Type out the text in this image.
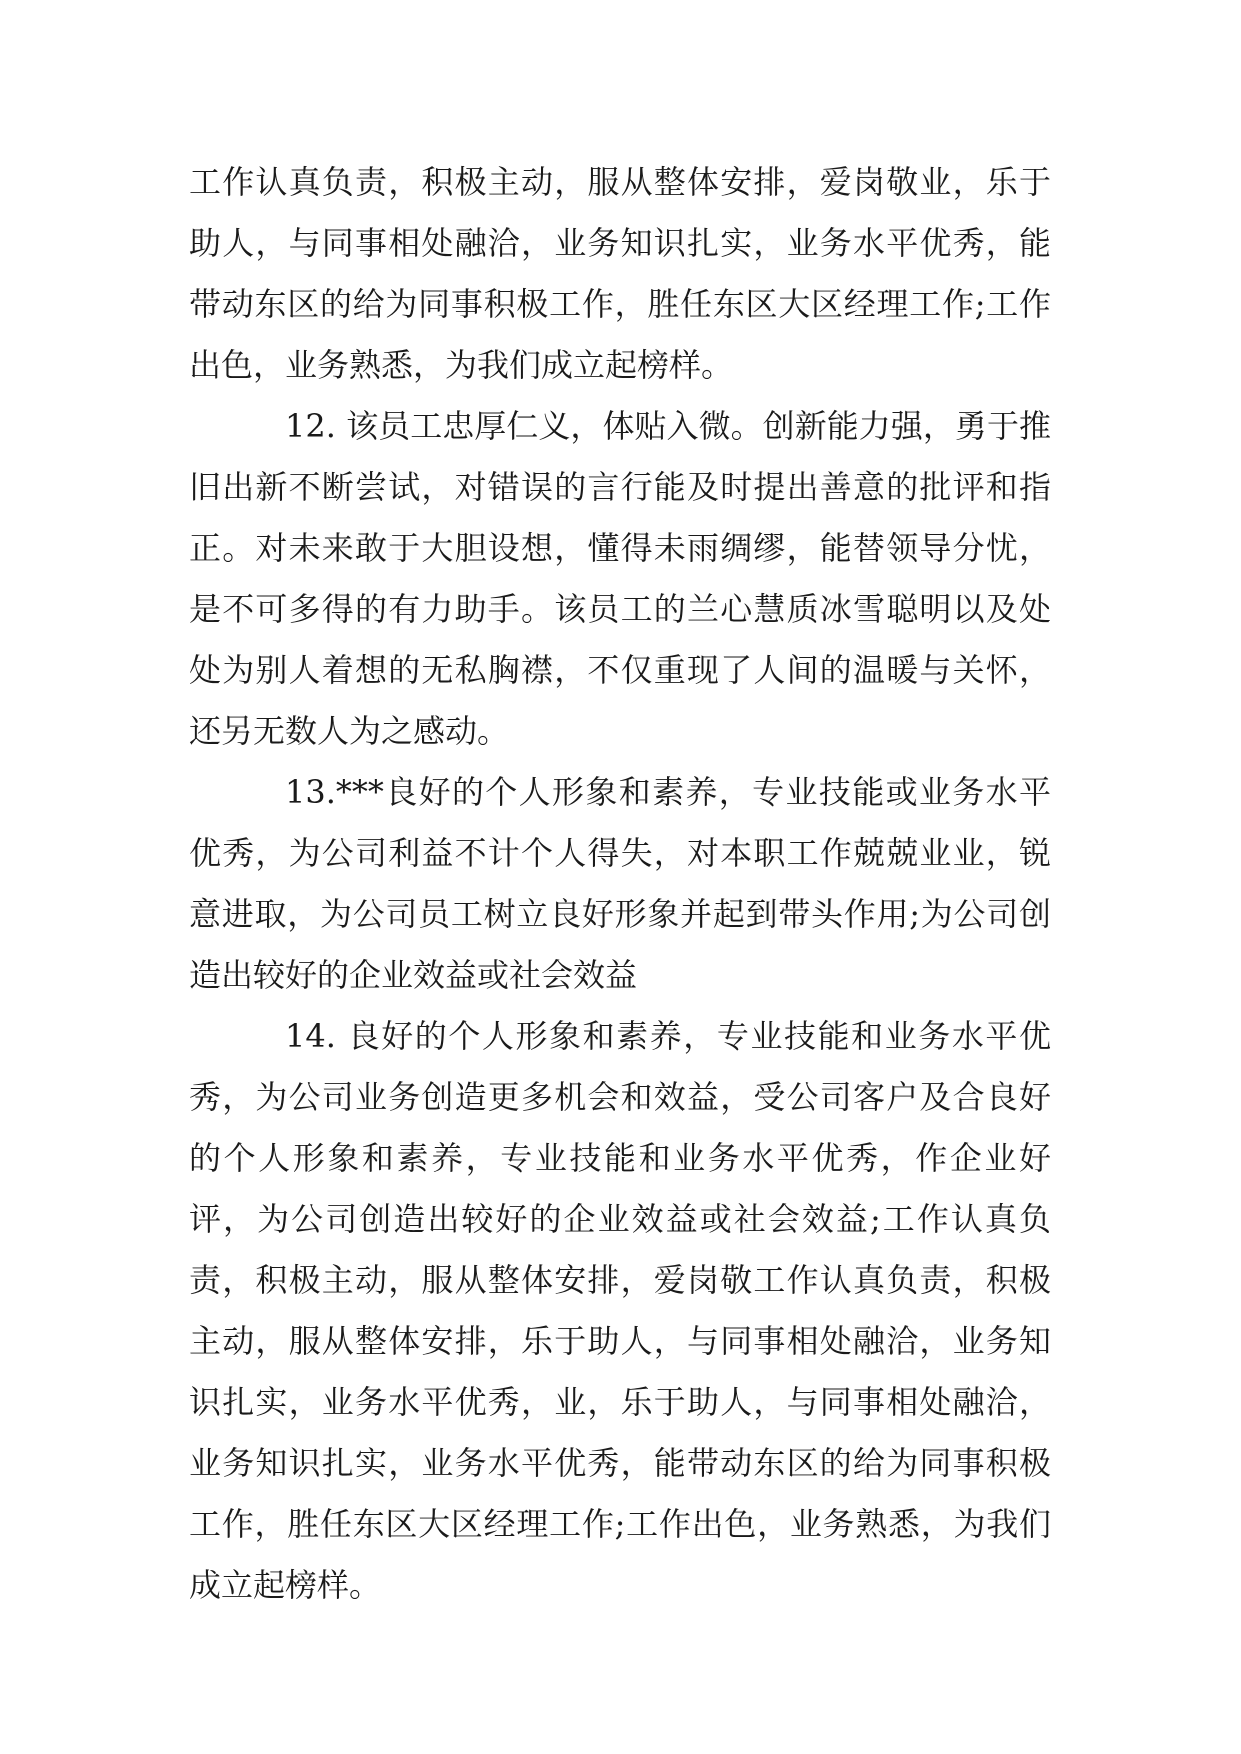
工作认真负责，积极主动，服从整体安排，爱岗敬业，乐于助人，与同事相处融洽，业务知识扎实，业务水平优秀，能带动东区的给为同事积极工作，胜任东区大区经理工作;工作出色，业务熟悉，为我们成立起榜样。

12. 该员工忠厚仁义，体贴入微。创新能力强，勇于推旧出新不断尝试，对错误的言行能及时提出善意的批评和指正。对未来敢于大胆设想，懂得未雨绸缪，能替领导分忧，是不可多得的有力助手。该员工的兰心慧质冰雪聪明以及处处为别人着想的无私胸襟，不仅重现了人间的温暖与关怀，还另无数人为之感动。

13.***良好的个人形象和素养，专业技能或业务水平优秀，为公司利益不计个人得失，对本职工作兢兢业业，锐意进取，为公司员工树立良好形象并起到带头作用;为公司创造出较好的企业效益或社会效益

14. 良好的个人形象和素养，专业技能和业务水平优秀，为公司业务创造更多机会和效益，受公司客户及合良好的个人形象和素养，专业技能和业务水平优秀，作企业好评，为公司创造出较好的企业效益或社会效益;工作认真负责，积极主动，服从整体安排，爱岗敬工作认真负责，积极主动，服从整体安排，乐于助人，与同事相处融洽，业务知识扎实，业务水平优秀，业，乐于助人，与同事相处融洽，业务知识扎实，业务水平优秀，能带动东区的给为同事积极工作，胜任东区大区经理工作;工作出色，业务熟悉，为我们成立起榜样。
